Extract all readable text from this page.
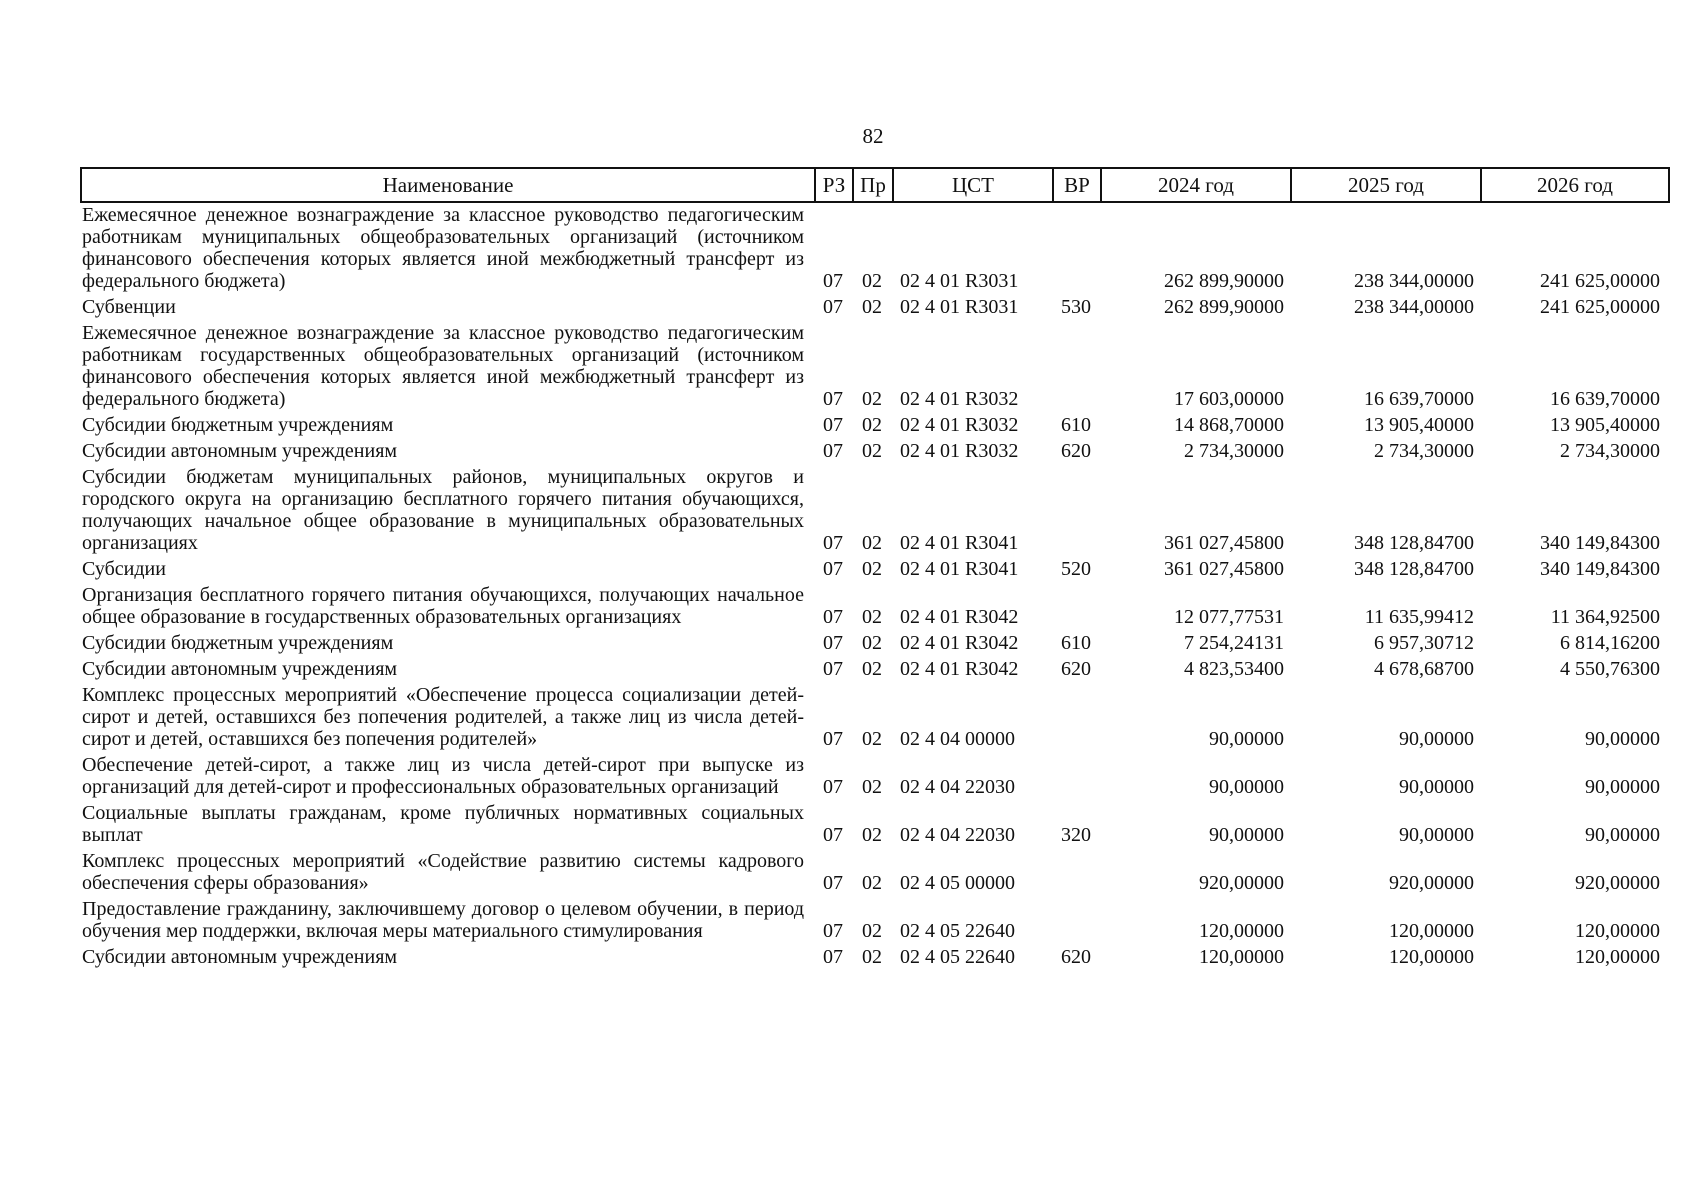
82
Наименование	РЗ Пр	ЦСТ	ВР	2024 год	2025 год	2026 год
Ежемесячное денежное вознаграждение за классное руководство педагогическим работникам муниципальных общеобразовательных организаций (источником финансового обеспечения которых является иной межбюджетный трансферт из федерального бюджета)	07 02 02 4 01 R3031	262 899,90000	238 344,00000	241 625,00000
Субвенции	07 02 02 4 01 R3031	530	262 899,90000	238 344,00000	241 625,00000
Ежемесячное денежное вознаграждение за классное руководство педагогическим работникам государственных общеобразовательных организаций (источником финансового обеспечения которых является иной межбюджетный трансферт из федерального бюджета)	07 02 02 4 01 R3032	17 603,00000	16 639,70000	16 639,70000
Субсидии бюджетным учреждениям	07 02 02 4 01 R3032	610	14 868,70000	13 905,40000	13 905,40000
Субсидии автономным учреждениям	07 02 02 4 01 R3032	620	2 734,30000	2 734,30000	2 734,30000
Субсидии бюджетам муниципальных районов, муниципальных округов и городского округа на организацию бесплатного горячего питания обучающихся, получающих начальное общее образование в муниципальных образовательных организациях	07 02 02 4 01 R3041	361 027,45800	348 128,84700	340 149,84300
Субсидии	07 02 02 4 01 R3041	520	361 027,45800	348 128,84700	340 149,84300
Организация бесплатного горячего питания обучающихся, получающих начальное общее образование в государственных образовательных организациях	07 02 02 4 01 R3042	12 077,77531	11 635,99412	11 364,92500
Субсидии бюджетным учреждениям	07 02 02 4 01 R3042	610	7 254,24131	6 957,30712	6 814,16200
Субсидии автономным учреждениям	07 02 02 4 01 R3042	620	4 823,53400	4 678,68700	4 550,76300
Комплекс процессных мероприятий «Обеспечение процесса социализации детей-сирот и детей, оставшихся без попечения родителей, а также лиц из числа детей-сирот и детей, оставшихся без попечения родителей»	07 02 02 4 04 00000	90,00000	90,00000	90,00000
Обеспечение детей-сирот, а также лиц из числа детей-сирот при выпуске из организаций для детей-сирот и профессиональных образовательных организаций	07 02 02 4 04 22030	90,00000	90,00000	90,00000
Социальные выплаты гражданам, кроме публичных нормативных социальных выплат	07 02 02 4 04 22030	320	90,00000	90,00000	90,00000
Комплекс процессных мероприятий «Содействие развитию системы кадрового обеспечения сферы образования»	07 02 02 4 05 00000	920,00000	920,00000	920,00000
Предоставление гражданину, заключившему договор о целевом обучении, в период обучения мер поддержки, включая меры материального стимулирования	07 02 02 4 05 22640	120,00000	120,00000	120,00000
Субсидии автономным учреждениям	07 02 02 4 05 22640	620	120,00000	120,00000	120,00000
